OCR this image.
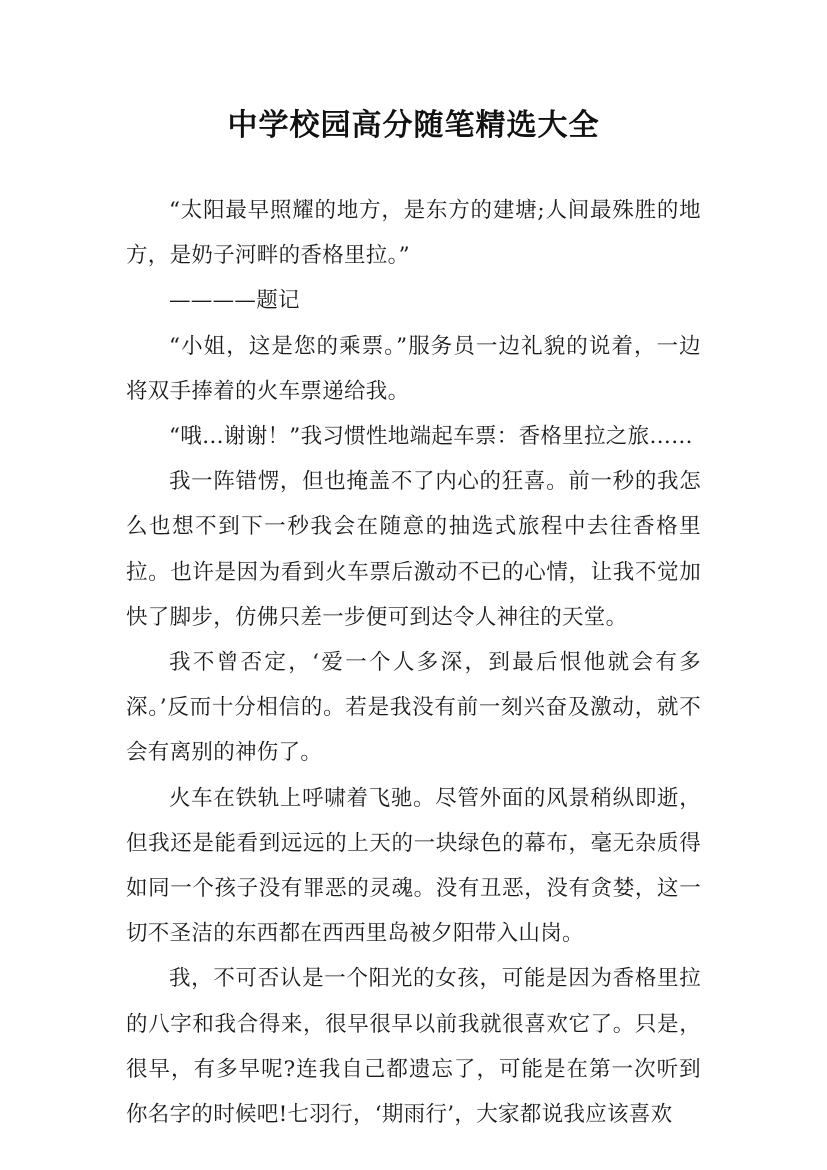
中学校园高分随笔精选大全

“太阳最早照耀的地方，是东方的建塘;人间最殊胜的地方，是奶子河畔的香格里拉。”

————题记

“小姐，这是您的乘票。”服务员一边礼貌的说着，一边将双手捧着的火车票递给我。

“哦…谢谢！”我习惯性地端起车票：香格里拉之旅……

我一阵错愣，但也掩盖不了内心的狂喜。前一秒的我怎么也想不到下一秒我会在随意的抽选式旅程中去往香格里拉。也许是因为看到火车票后激动不已的心情，让我不觉加快了脚步，仿佛只差一步便可到达令人神往的天堂。

我不曾否定，‘爱一个人多深，到最后恨他就会有多深。’反而十分相信的。若是我没有前一刻兴奋及激动，就不会有离别的神伤了。

火车在铁轨上呼啸着飞驰。尽管外面的风景稍纵即逝，但我还是能看到远远的上天的一块绿色的幕布，毫无杂质得如同一个孩子没有罪恶的灵魂。没有丑恶，没有贪婪，这一切不圣洁的东西都在西西里岛被夕阳带入山岗。

我，不可否认是一个阳光的女孩，可能是因为香格里拉的八字和我合得来，很早很早以前我就很喜欢它了。只是，很早，有多早呢?连我自己都遗忘了，可能是在第一次听到你名字的时候吧!七羽行，‘期雨行’，大家都说我应该喜欢
